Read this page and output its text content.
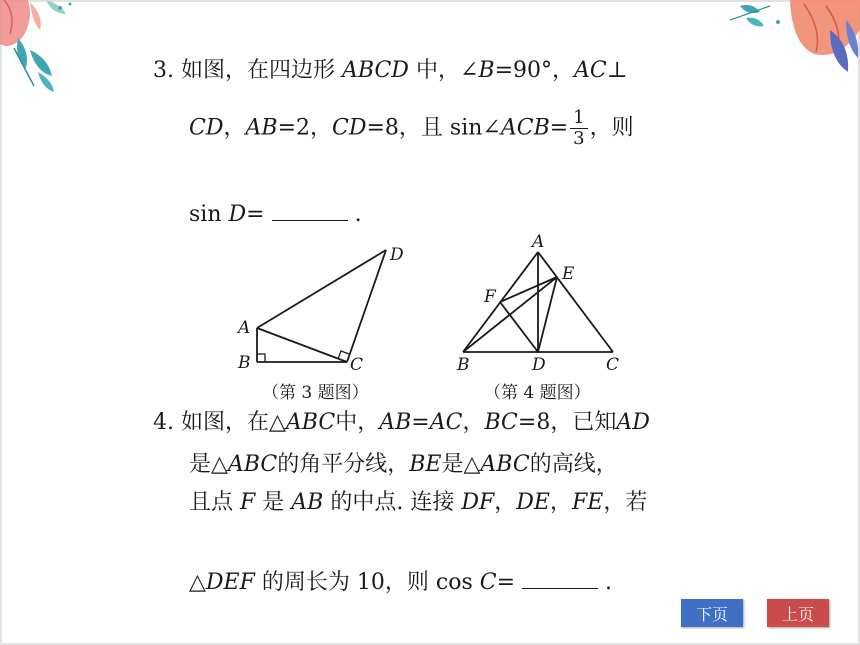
3. 如图，在四边形 ABCD 中，∠B=90°，AC⊥
CD，AB=2，CD=8，且 sin∠ACB= $\frac{1}{3}$ ，则
sin D=	.
A
B	C
D
（第 3 题图）
A
B	C
D
E
F
（第 4 题图）
4. 如图，在△ABC中，AB=AC，BC=8，已知AD
是△ABC的角平分线，BE是△ABC的高线，
且点 F 是 AB 的中点. 连接 DF，DE，FE，若
△DEF 的周长为 10，则 cos C=	.
下页	上页
